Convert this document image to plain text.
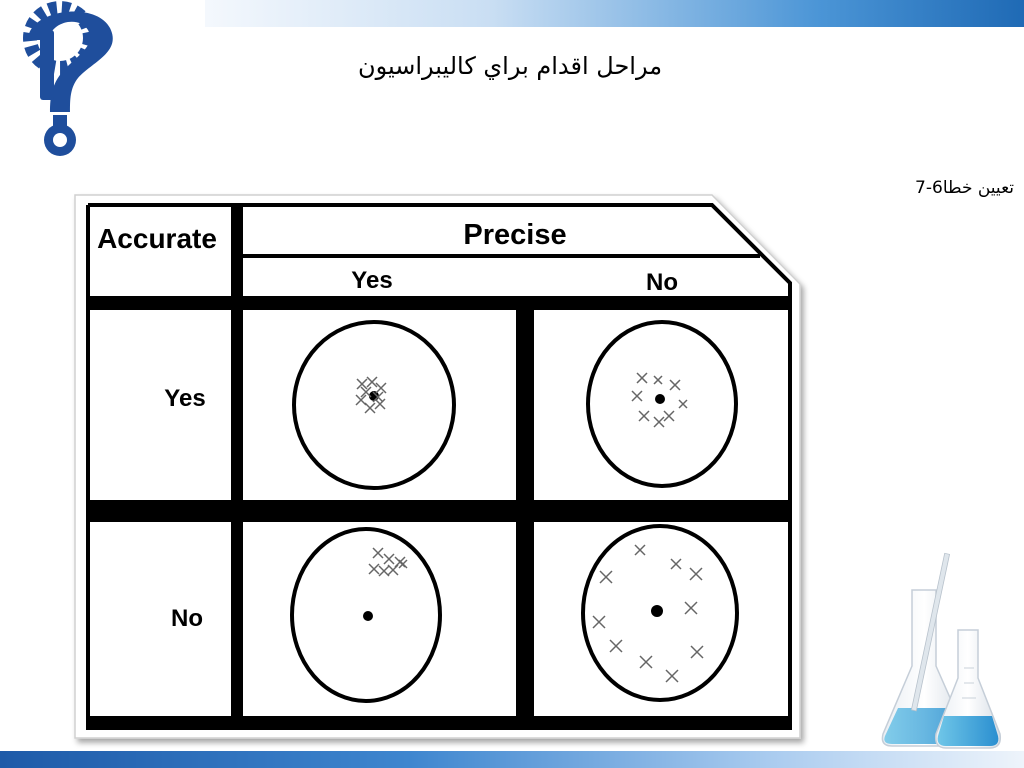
مراحل اقدام براي كاليبراسيون
تعيين خطا7-6
Accurate	Precise
Yes	No
Yes
No
